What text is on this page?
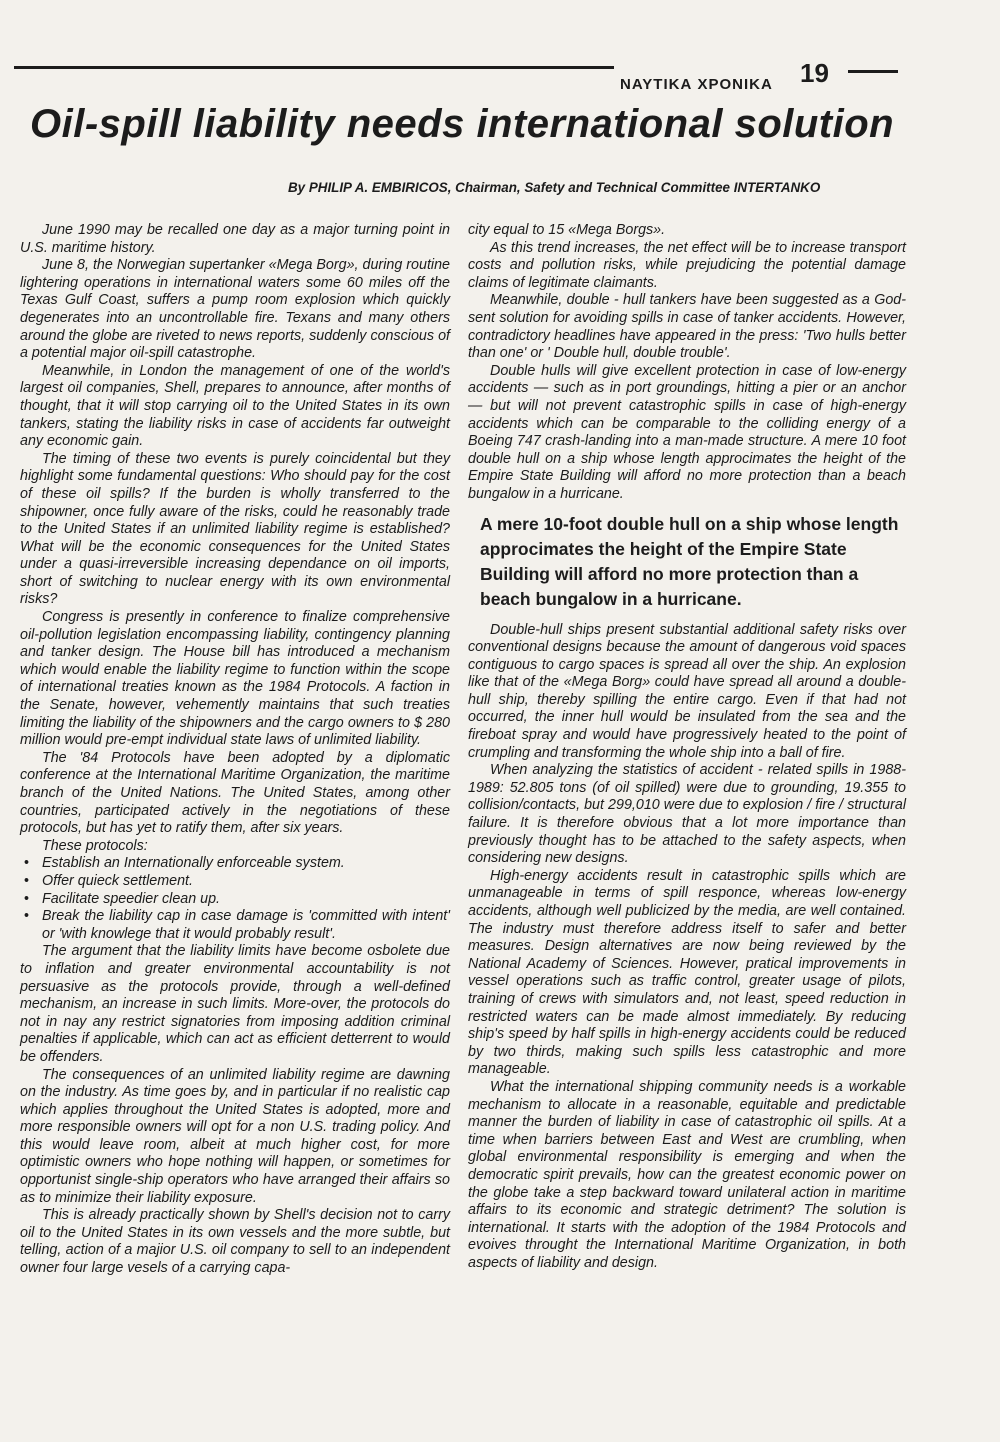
ΝΑΥΤΙΚΑ ΧΡΟΝΙΚΑ 19
Oil-spill liability needs international solution
By PHILIP A. EMBIRICOS, Chairman, Safety and Technical Committee INTERTANKO

June 1990 may be recalled one day as a major turning point in U.S. maritime history.

June 8, the Norwegian supertanker «Mega Borg», during routine lightering operations in international waters some 60 miles off the Texas Gulf Coast, suffers a pump room explosion which quickly degenerates into an uncontrollable fire. Texans and many others around the globe are riveted to news reports, suddenly conscious of a potential major oil-spill catastrophe.

Meanwhile, in London the management of one of the world's largest oil companies, Shell, prepares to announce, after months of thought, that it will stop carrying oil to the United States in its own tankers, stating the liability risks in case of accidents far outweight any economic gain.

The timing of these two events is purely coincidental but they highlight some fundamental questions: Who should pay for the cost of these oil spills? If the burden is wholly transferred to the shipowner, once fully aware of the risks, could he reasonably trade to the United States if an unlimited liability regime is established? What will be the economic consequences for the United States under a quasi-irreversible increasing dependance on oil imports, short of switching to nuclear energy with its own environmental risks?

Congress is presently in conference to finalize comprehensive oil-pollution legislation encompassing liability, contingency planning and tanker design. The House bill has introduced a mechanism which would enable the liability regime to function within the scope of international treaties known as the 1984 Protocols. A faction in the Senate, however, vehemently maintains that such treaties limiting the liability of the shipowners and the cargo owners to $ 280 million would pre-empt individual state laws of unlimited liability.

The '84 Protocols have been adopted by a diplomatic conference at the International Maritime Organization, the maritime branch of the United Nations. The United States, among other countries, participated actively in the negotiations of these protocols, but has yet to ratify them, after six years.

These protocols:

• Establish an Internationally enforceable system.
• Offer quieck settlement.
• Facilitate speedier clean up.
• Break the liability cap in case damage is 'committed with intent' or 'with knowlege that it would probably result'.

The argument that the liability limits have become osbolete due to inflation and greater environmental accountability is not persuasive as the protocols provide, through a well-defined mechanism, an increase in such limits. More-over, the protocols do not in nay any restrict signatories from imposing addition criminal penalties if applicable, which can act as efficient detterrent to would be offenders.

The consequences of an unlimited liability regime are dawning on the industry. As time goes by, and in particular if no realistic cap which applies throughout the United States is adopted, more and more responsible owners will opt for a non U.S. trading policy. And this would leave room, albeit at much higher cost, for more optimistic owners who hope nothing will happen, or sometimes for opportunist single-ship operators who have arranged their affairs so as to minimize their liability exposure.

This is already practically shown by Shell's decision not to carry oil to the United States in its own vessels and the more subtle, but telling, action of a majior U.S. oil company to sell to an independent owner four large vesels of a carrying capa-

city equal to 15 «Mega Borgs».

As this trend increases, the net effect will be to increase transport costs and pollution risks, while prejudicing the potential damage claims of legitimate claimants.

Meanwhile, double - hull tankers have been suggested as a God-sent solution for avoiding spills in case of tanker accidents. However, contradictory headlines have appeared in the press: 'Two hulls better than one' or ' Double hull, double trouble'.

Double hulls will give excellent protection in case of low-energy accidents — such as in port groundings, hitting a pier or an anchor — but will not prevent catastrophic spills in case of high-energy accidents which can be comparable to the colliding energy of a Boeing 747 crash-landing into a man-made structure. A mere 10 foot double hull on a ship whose length approcimates the height of the Empire State Building will afford no more protection than a beach bungalow in a hurricane.

A mere 10-foot double hull on a ship whose length approcimates the height of the Empire State Building will afford no more protection than a beach bungalow in a hurricane.

Double-hull ships present substantial additional safety risks over conventional designs because the amount of dangerous void spaces contiguous to cargo spaces is spread all over the ship. An explosion like that of the «Mega Borg» could have spread all around a double-hull ship, thereby spilling the entire cargo. Even if that had not occurred, the inner hull would be insulated from the sea and the fireboat spray and would have progressively heated to the point of crumpling and transforming the whole ship into a ball of fire.

When analyzing the statistics of accident - related spills in 1988-1989: 52.805 tons (of oil spilled) were due to grounding, 19.355 to collision/contacts, but 299,010 were due to explosion / fire / structural failure. It is therefore obvious that a lot more importance than previously thought has to be attached to the safety aspects, when considering new designs.

High-energy accidents result in catastrophic spills which are unmanageable in terms of spill responce, whereas low-energy accidents, although well publicized by the media, are well contained. The industry must therefore address itself to safer and better measures. Design alternatives are now being reviewed by the National Academy of Sciences. However, pratical improvements in vessel operations such as traffic control, greater usage of pilots, training of crews with simulators and, not least, speed reduction in restricted waters can be made almost immediately. By reducing ship's speed by half spills in high-energy accidents could be reduced by two thirds, making such spills less catastrophic and more manageable.

What the international shipping community needs is a workable mechanism to allocate in a reasonable, equitable and predictable manner the burden of liability in case of catastrophic oil spills. At a time when barriers between East and West are crumbling, when global environmental responsibility is emerging and when the democratic spirit prevails, how can the greatest economic power on the globe take a step backward toward unilateral action in maritime affairs to its economic and strategic detriment? The solution is international. It starts with the adoption of the 1984 Protocols and evoives throught the International Maritime Organization, in both aspects of liability and design.
